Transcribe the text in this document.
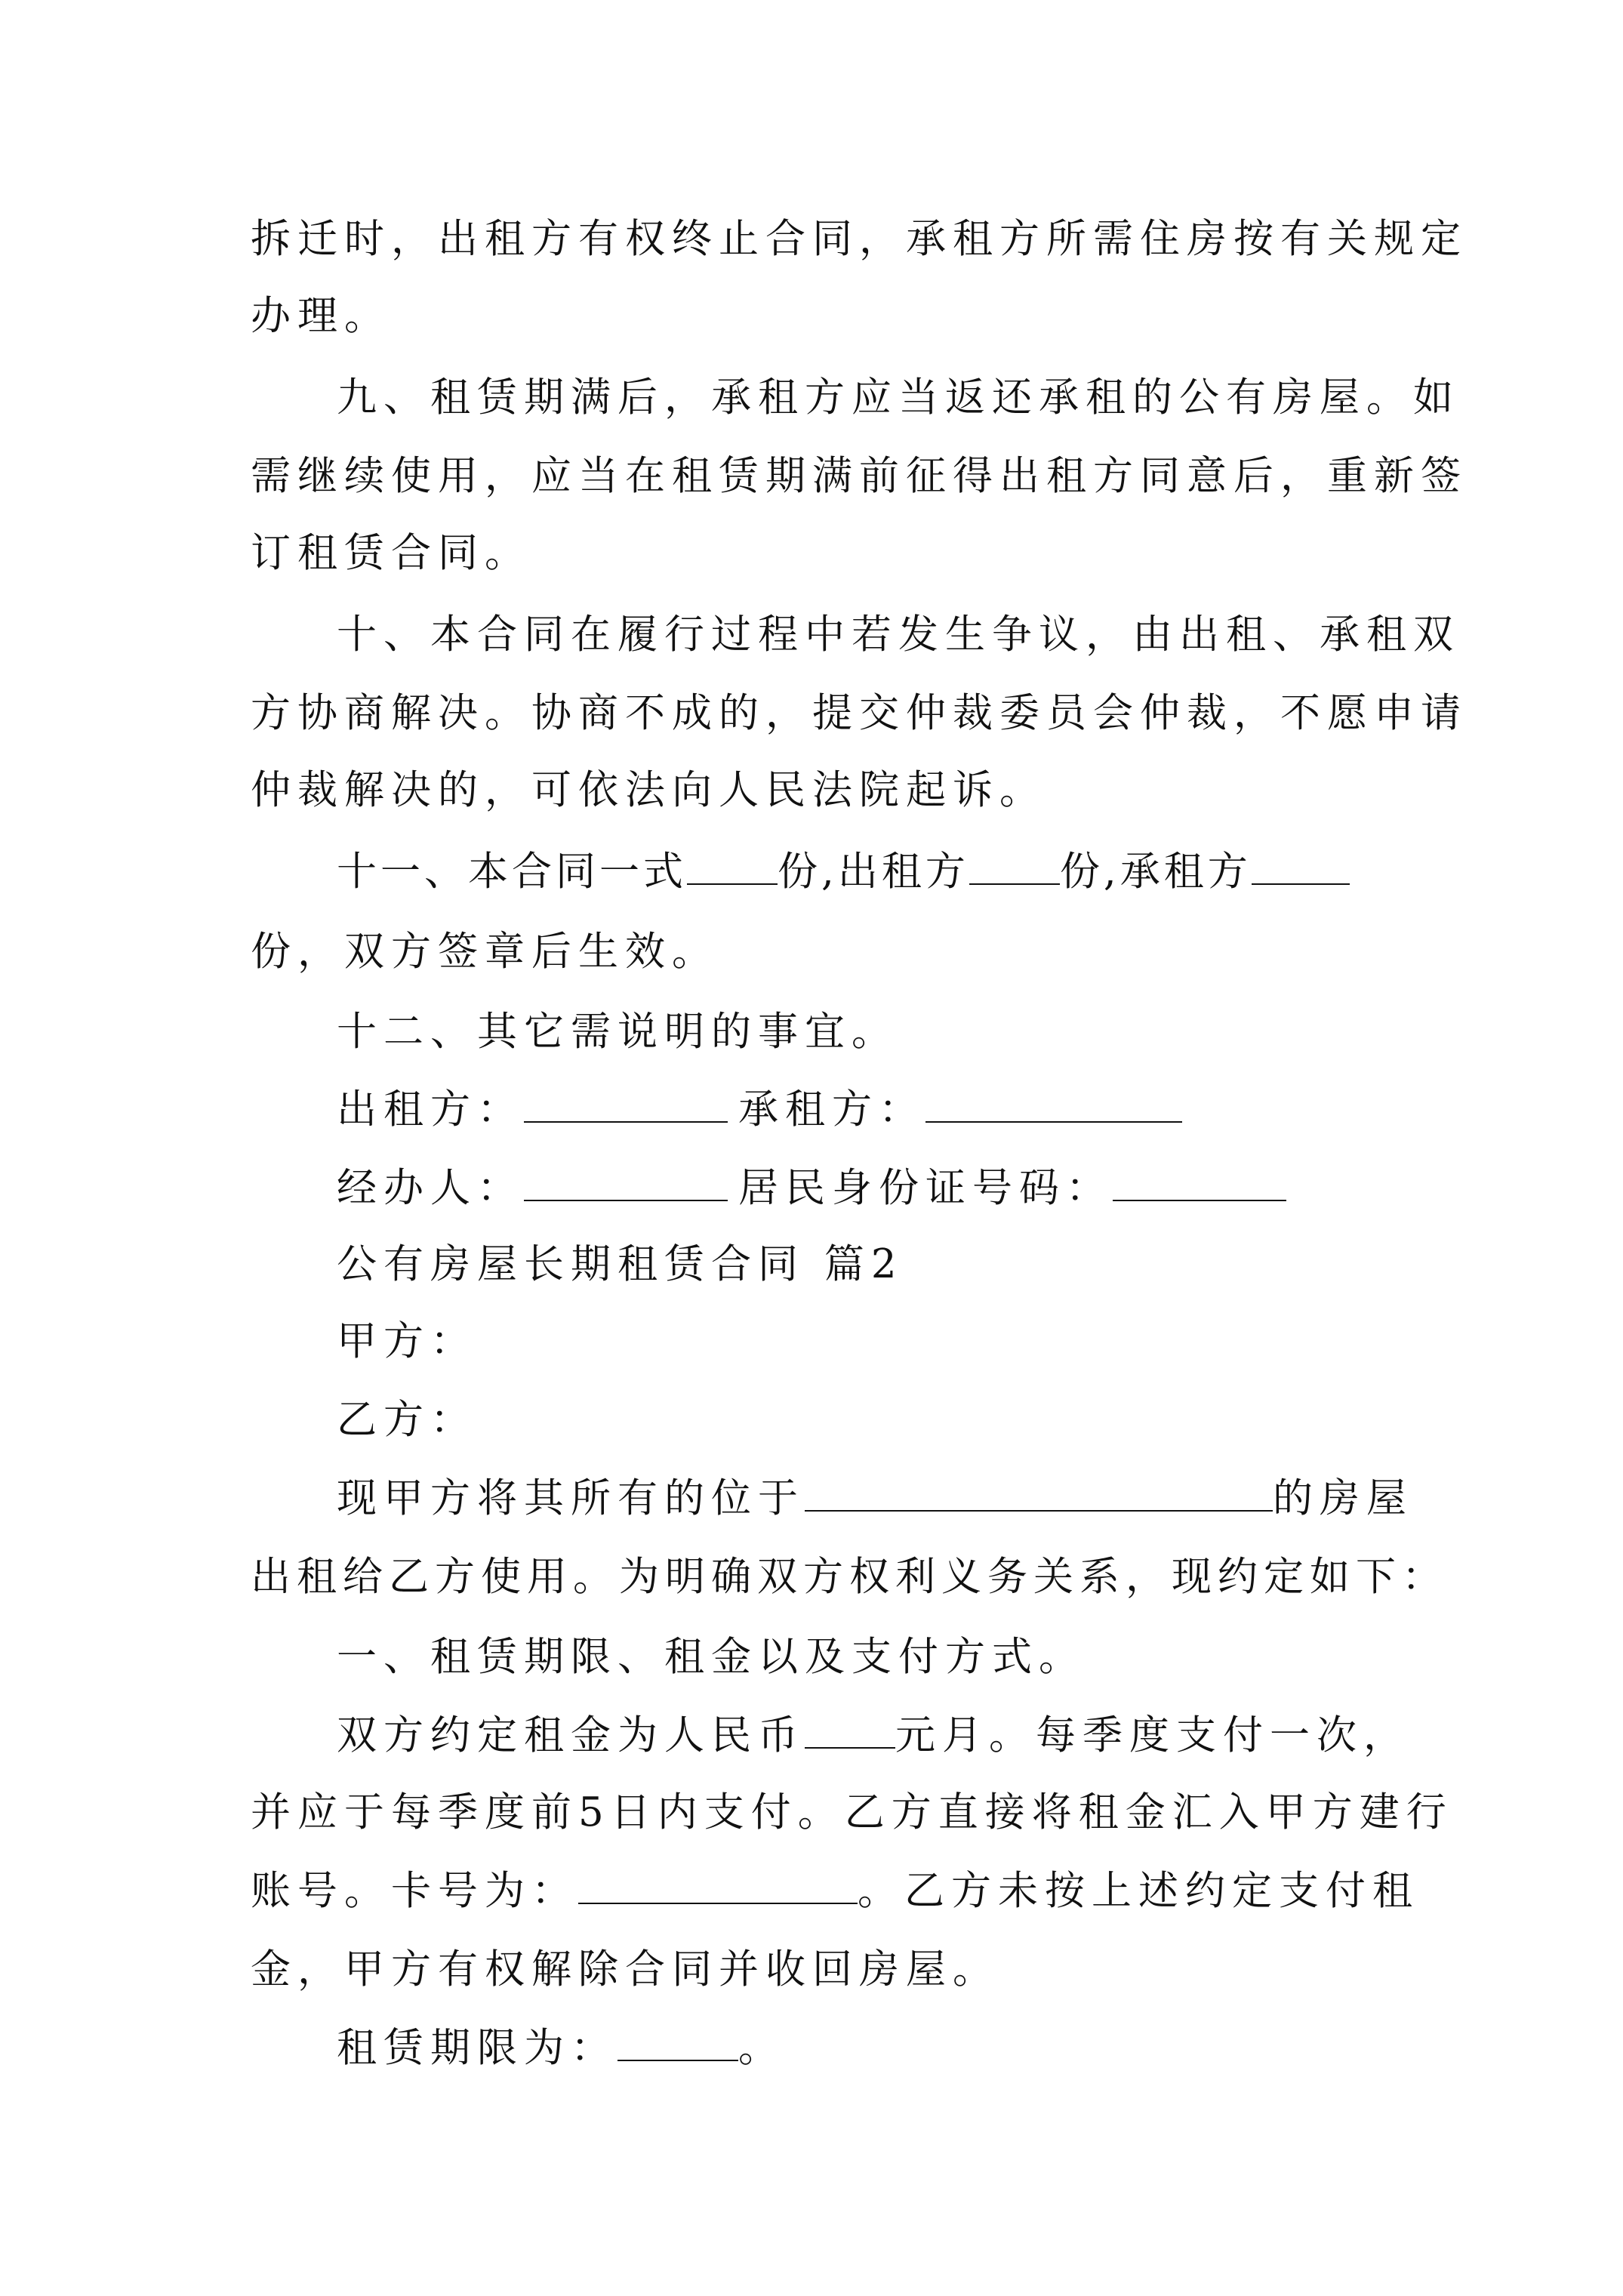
拆迁时，出租方有权终止合同，承租方所需住房按有关规定
办理。
九、租赁期满后，承租方应当返还承租的公有房屋。如
需继续使用，应当在租赁期满前征得出租方同意后，重新签
订租赁合同。
十、本合同在履行过程中若发生争议，由出租、承租双
方协商解决。协商不成的，提交仲裁委员会仲裁，不愿申请
仲裁解决的，可依法向人民法院起诉。
十一、本合同一式 份,出租方 份,承租方
份，双方签章后生效。
十二、其它需说明的事宜。
出租方：	承租方：
经办人：	居民身份证号码：
公有房屋长期租赁合同 篇2
甲方：
乙方：
现甲方将其所有的位于	的房屋
出租给乙方使用。为明确双方权利义务关系，现约定如下：
一、租赁期限、租金以及支付方式。
双方约定租金为人民币 元月。每季度支付一次，
并应于每季度前5日内支付。乙方直接将租金汇入甲方建行
账号。卡号为：	。乙方未按上述约定支付租
金，甲方有权解除合同并收回房屋。
租赁期限为：	。
